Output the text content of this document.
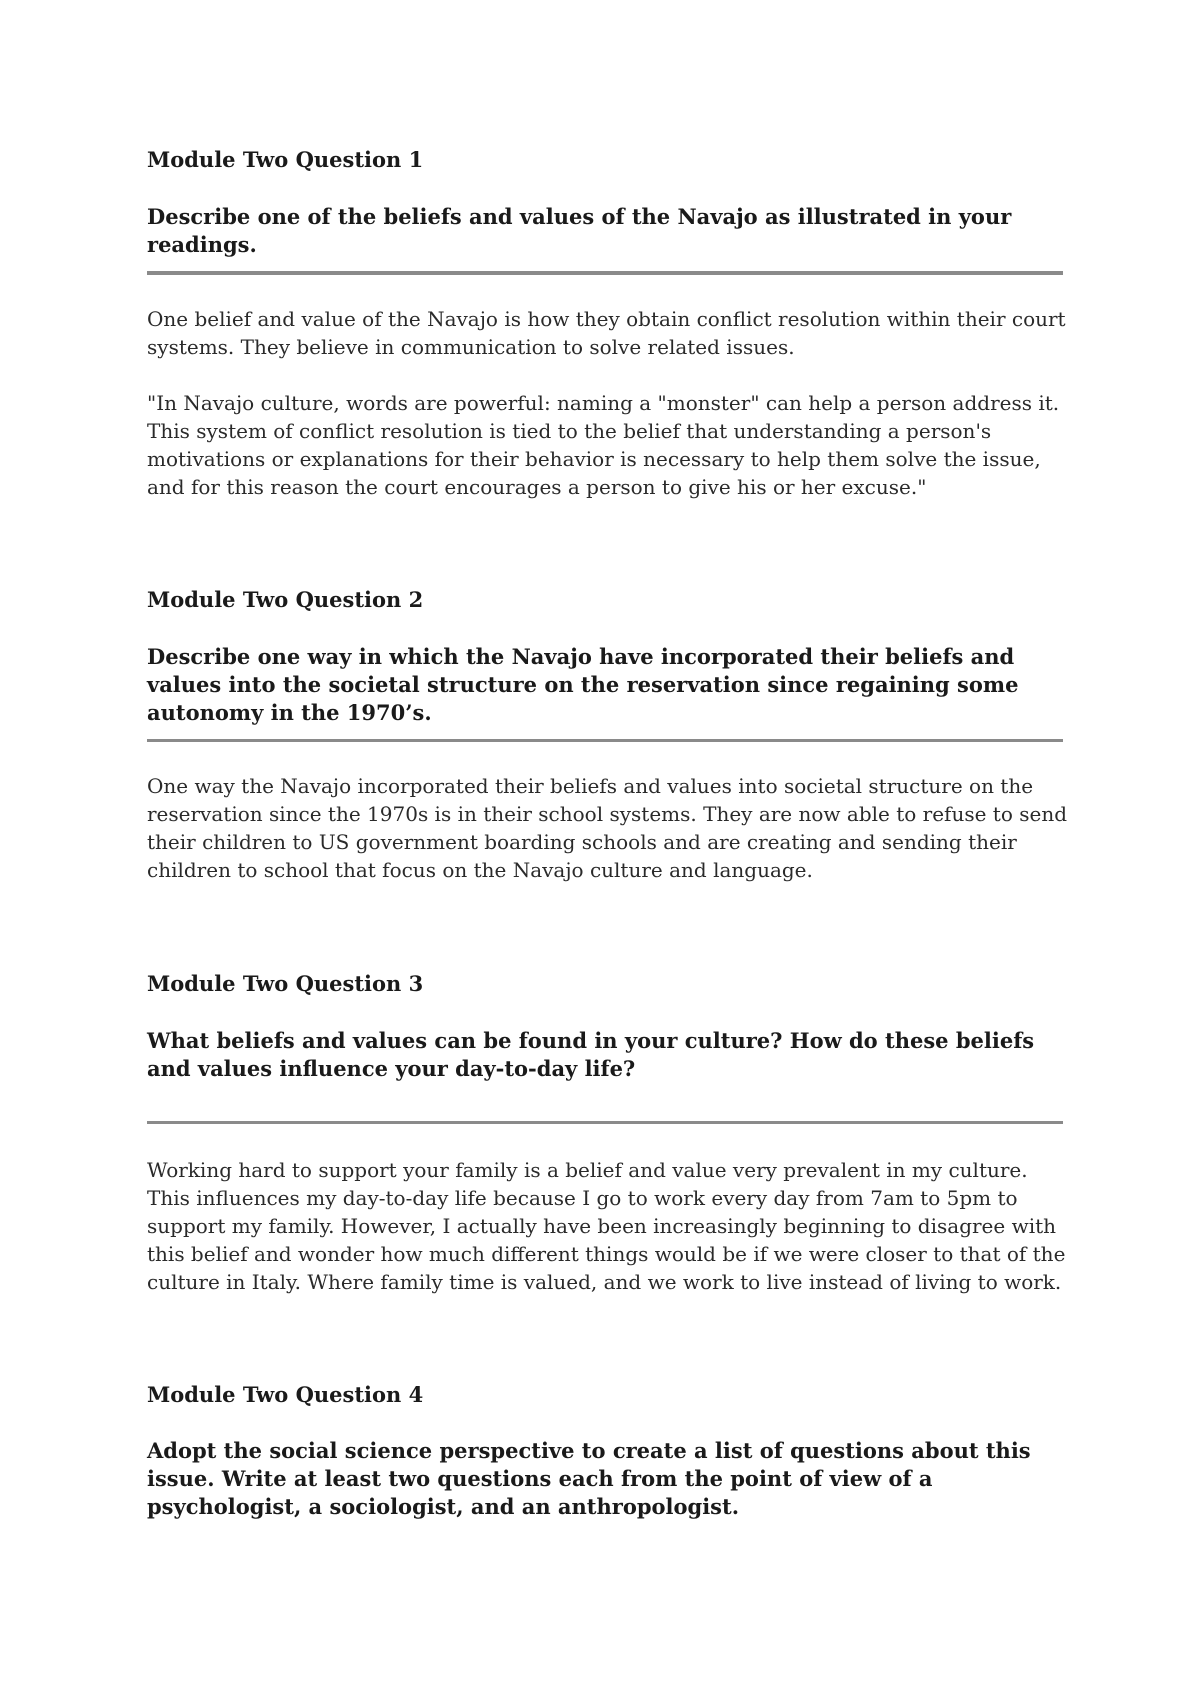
Module Two Question 1

Describe one of the beliefs and values of the Navajo as illustrated in your readings.

One belief and value of the Navajo is how they obtain conflict resolution within their court systems. They believe in communication to solve related issues.

"In Navajo culture, words are powerful: naming a "monster" can help a person address it. This system of conflict resolution is tied to the belief that understanding a person's motivations or explanations for their behavior is necessary to help them solve the issue, and for this reason the court encourages a person to give his or her excuse."

Module Two Question 2

Describe one way in which the Navajo have incorporated their beliefs and values into the societal structure on the reservation since regaining some autonomy in the 1970’s.

One way the Navajo incorporated their beliefs and values into societal structure on the reservation since the 1970s is in their school systems. They are now able to refuse to send their children to US government boarding schools and are creating and sending their children to school that focus on the Navajo culture and language.

Module Two Question 3

What beliefs and values can be found in your culture? How do these beliefs and values influence your day-to-day life?

Working hard to support your family is a belief and value very prevalent in my culture. This influences my day-to-day life because I go to work every day from 7am to 5pm to support my family. However, I actually have been increasingly beginning to disagree with this belief and wonder how much different things would be if we were closer to that of the culture in Italy. Where family time is valued, and we work to live instead of living to work.

Module Two Question 4

Adopt the social science perspective to create a list of questions about this issue. Write at least two questions each from the point of view of a psychologist, a sociologist, and an anthropologist.
